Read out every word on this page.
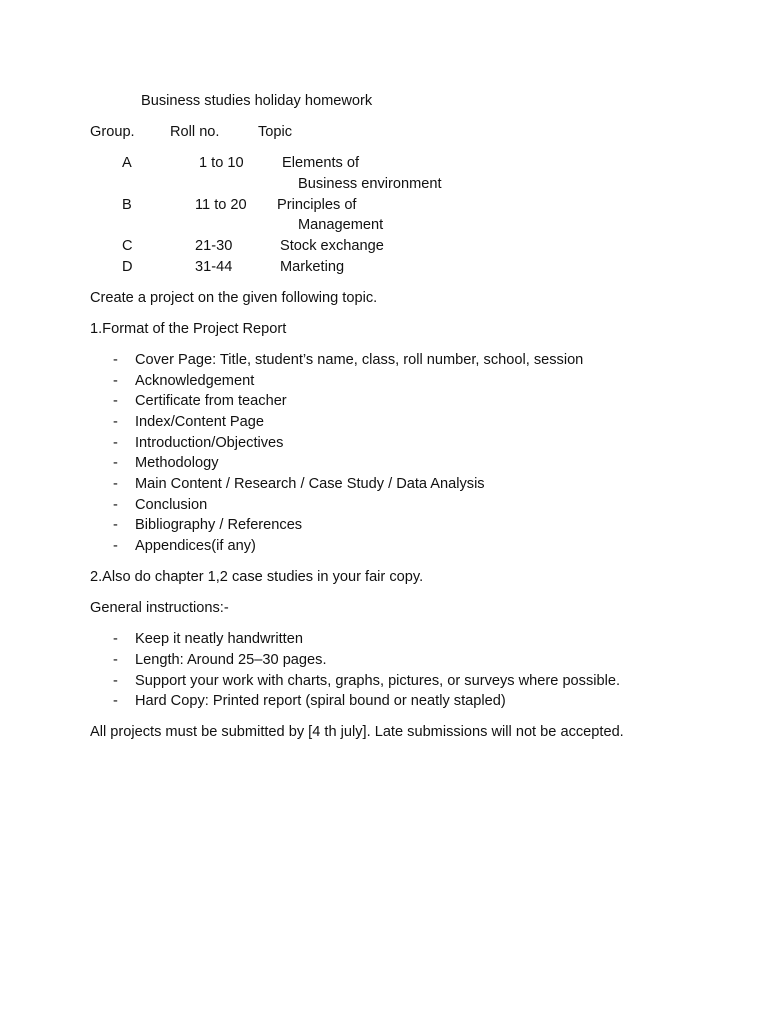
Business studies holiday homework
Group. Roll no.	Topic
A	1 to 10	Elements of
Business environment
B	11 to 20 Principles of
Management
C	21-30	Stock exchange
D	31-44	Marketing
Create a project on the given following topic.
1.Format of the Project Report
- Cover Page: Title, student’s name, class, roll number, school, session
- Acknowledgement
- Certificate from teacher
- Index/Content Page
- Introduction/Objectives
- Methodology
- Main Content / Research / Case Study / Data Analysis
- Conclusion
- Bibliography / References
- Appendices(if any)
2.Also do chapter 1,2 case studies in your fair copy.
General instructions:-
- Keep it neatly handwritten
- Length: Around 25–30 pages.
- Support your work with charts, graphs, pictures, or surveys where possible.
- Hard Copy: Printed report (spiral bound or neatly stapled)
All projects must be submitted by [4 th july]. Late submissions will not be accepted.
